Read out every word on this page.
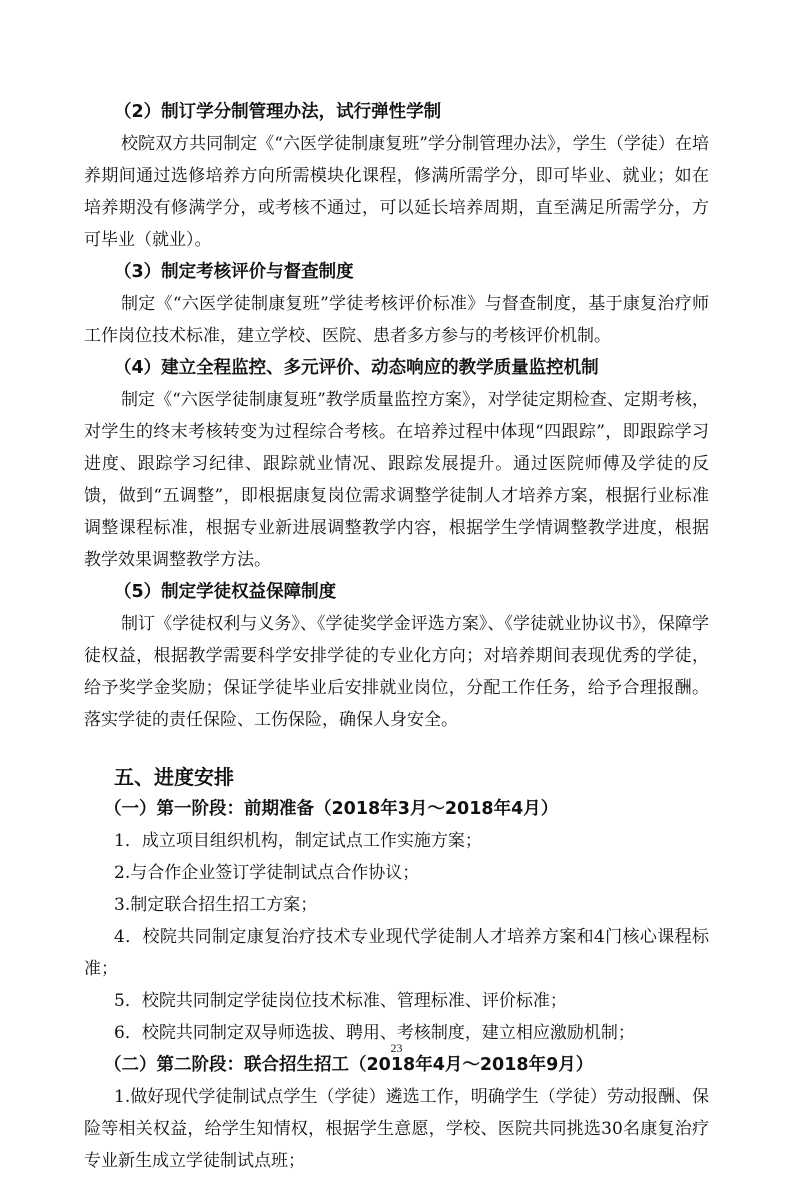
（2）制订学分制管理办法，试行弹性学制

校院双方共同制定《“六医学徒制康复班”学分制管理办法》，学生（学徒）在培养期间通过选修培养方向所需模块化课程，修满所需学分，即可毕业、就业；如在培养期没有修满学分，或考核不通过，可以延长培养周期，直至满足所需学分，方可毕业（就业）。

（3）制定考核评价与督查制度

制定《“六医学徒制康复班”学徒考核评价标准》与督查制度，基于康复治疗师工作岗位技术标准，建立学校、医院、患者多方参与的考核评价机制。

（4）建立全程监控、多元评价、动态响应的教学质量监控机制

制定《“六医学徒制康复班”教学质量监控方案》，对学徒定期检查、定期考核，对学生的终末考核转变为过程综合考核。在培养过程中体现“四跟踪”，即跟踪学习进度、跟踪学习纪律、跟踪就业情况、跟踪发展提升。通过医院师傅及学徒的反馈，做到“五调整”，即根据康复岗位需求调整学徒制人才培养方案，根据行业标准调整课程标准，根据专业新进展调整教学内容，根据学生学情调整教学进度，根据教学效果调整教学方法。

（5）制定学徒权益保障制度

制订《学徒权利与义务》、《学徒奖学金评选方案》、《学徒就业协议书》，保障学徒权益，根据教学需要科学安排学徒的专业化方向；对培养期间表现优秀的学徒，给予奖学金奖励；保证学徒毕业后安排就业岗位，分配工作任务，给予合理报酬。落实学徒的责任保险、工伤保险，确保人身安全。

五、进度安排
（一）第一阶段：前期准备（2018年3月～2018年4月）

1．成立项目组织机构，制定试点工作实施方案；

2.与合作企业签订学徒制试点合作协议；

3.制定联合招生招工方案；

4．校院共同制定康复治疗技术专业现代学徒制人才培养方案和4门核心课程标准；

5．校院共同制定学徒岗位技术标准、管理标准、评价标准；

6．校院共同制定双导师选拔、聘用、考核制度，建立相应激励机制；

（二）第二阶段：联合招生招工（2018年4月～2018年9月）

1.做好现代学徒制试点学生（学徒）遴选工作，明确学生（学徒）劳动报酬、保险等相关权益，给学生知情权，根据学生意愿，学校、医院共同挑选30名康复治疗专业新生成立学徒制试点班；

23
